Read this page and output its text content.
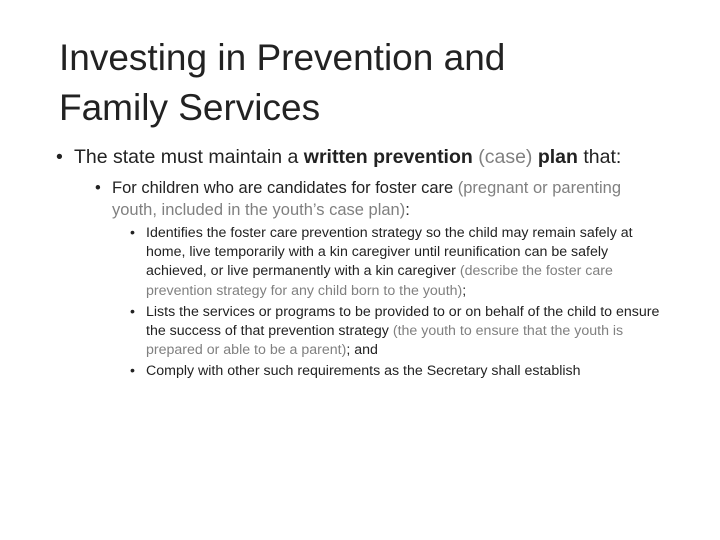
Investing in Prevention and
Family Services
• The state must maintain a written prevention (case) plan that:
• For children who are candidates for foster care (pregnant or parenting youth, included in the youth’s case plan):
• Identifies the foster care prevention strategy so the child may remain safely at home, live temporarily with a kin caregiver until reunification can be safely achieved, or live permanently with a kin caregiver (describe the foster care prevention strategy for any child born to the youth);
• Lists the services or programs to be provided to or on behalf of the child to ensure the success of that prevention strategy (the youth to ensure that the youth is prepared or able to be a parent); and
• Comply with other such requirements as the Secretary shall establish
